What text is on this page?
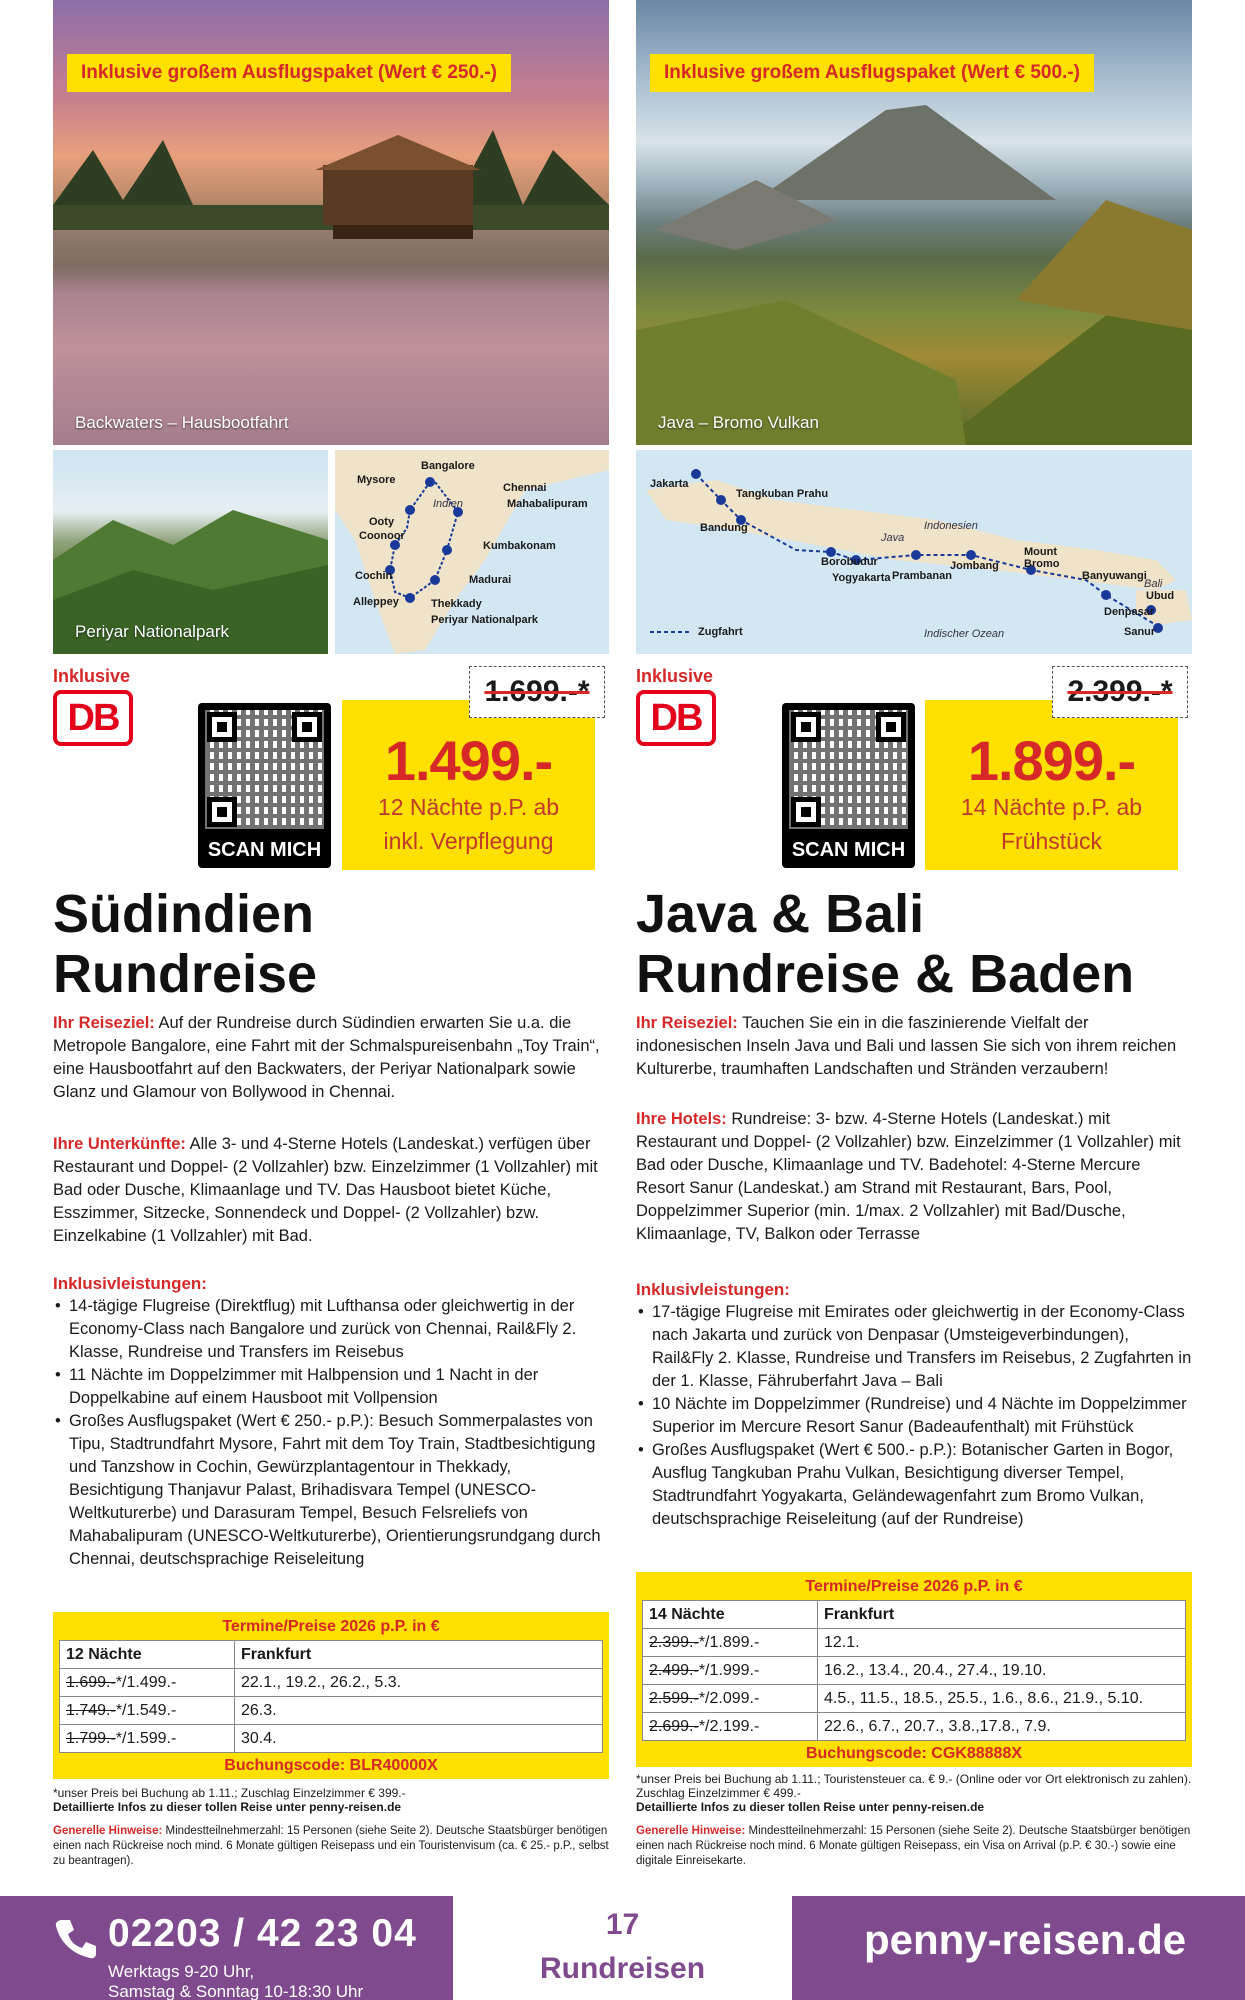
Inklusive großem Ausflugspaket (Wert € 250.-)
Backwaters – Hausbootfahrt
Periyar Nationalpark
Bangalore
Mysore
Chennai
Mahabalipuram
Indien
Ooty
Coonoor
Kumbakonam
Cochin	Madurai
Alleppey	Thekkady
Periyar Nationalpark
Inklusive
DB
SCAN MICH
1.499.-
12 Nächte p.P. ab
inkl. Verpflegung
1.699.-*
Südindien
Rundreise
Ihr Reiseziel: Auf der Rundreise durch Südindien erwarten Sie u.a. die Metropole Bangalore, eine Fahrt mit der Schmalspureisenbahn „Toy Train“, eine Hausbootfahrt auf den Backwaters, der Periyar Nationalpark sowie Glanz und Glamour von Bollywood in Chennai.
Ihre Unterkünfte: Alle 3- und 4-Sterne Hotels (Landeskat.) verfügen über Restaurant und Doppel- (2 Vollzahler) bzw. Einzelzimmer (1 Vollzahler) mit Bad oder Dusche, Klimaanlage und TV. Das Hausboot bietet Küche, Esszimmer, Sitzecke, Sonnendeck und Doppel- (2 Vollzahler) bzw. Einzelkabine (1 Vollzahler) mit Bad.
Inklusivleistungen:
• 14-tägige Flugreise (Direktflug) mit Lufthansa oder gleichwertig in der Economy-Class nach Bangalore und zurück von Chennai, Rail&Fly 2. Klasse, Rundreise und Transfers im Reisebus
• 11 Nächte im Doppelzimmer mit Halbpension und 1 Nacht in der Doppelkabine auf einem Hausboot mit Vollpension
• Großes Ausflugspaket (Wert € 250.- p.P.): Besuch Sommerpalastes von Tipu, Stadtrundfahrt Mysore, Fahrt mit dem Toy Train, Stadtbesichtigung und Tanzshow in Cochin, Gewürzplantagentour in Thekkady, Besichtigung Thanjavur Palast, Brihadisvara Tempel (UNESCO-Weltkuturerbe) und Darasuram Tempel, Besuch Felsreliefs von Mahabalipuram (UNESCO-Weltkuturerbe), Orientierungsrundgang durch Chennai, deutschsprachige Reiseleitung
Termine/Preise 2026 p.P. in €
12 Nächte	Frankfurt
1.699.-*/1.499.-	22.1., 19.2., 26.2., 5.3.
1.749.-*/1.549.-	26.3.
1.799.-*/1.599.-	30.4.
Buchungscode: BLR40000X
*unser Preis bei Buchung ab 1.11.; Zuschlag Einzelzimmer € 399.-
Detaillierte Infos zu dieser tollen Reise unter penny-reisen.de
Generelle Hinweise: Mindestteilnehmerzahl: 15 Personen (siehe Seite 2). Deutsche Staatsbürger benötigen einen nach Rückreise noch mind. 6 Monate gültigen Reisepass und ein Touristenvisum (ca. € 25.- p.P., selbst zu beantragen).
Inklusive großem Ausflugspaket (Wert € 500.-)
Java – Bromo Vulkan
Jakarta
Tangkuban Prahu
Bandung
Java
Indonesien
Borobudur
Yogyakarta Prambanan
Jombang
Mount Bromo
Banyuwangi
Bali
Ubud
Denpasar
Sanur
Zugfahrt	Indischer Ozean
Inklusive
DB
SCAN MICH
1.899.-
14 Nächte p.P. ab
Frühstück
2.399.-*
Java & Bali
Rundreise & Baden
Ihr Reiseziel: Tauchen Sie ein in die faszinierende Vielfalt der indonesischen Inseln Java und Bali und lassen Sie sich von ihrem reichen Kulturerbe, traumhaften Landschaften und Stränden verzaubern!
Ihre Hotels: Rundreise: 3- bzw. 4-Sterne Hotels (Landeskat.) mit Restaurant und Doppel- (2 Vollzahler) bzw. Einzelzimmer (1 Vollzahler) mit Bad oder Dusche, Klimaanlage und TV. Badehotel: 4-Sterne Mercure Resort Sanur (Landeskat.) am Strand mit Restaurant, Bars, Pool, Doppelzimmer Superior (min. 1/max. 2 Vollzahler) mit Bad/Dusche, Klimaanlage, TV, Balkon oder Terrasse
Inklusivleistungen:
• 17-tägige Flugreise mit Emirates oder gleichwertig in der Economy-Class nach Jakarta und zurück von Denpasar (Umsteigeverbindungen), Rail&Fly 2. Klasse, Rundreise und Transfers im Reisebus, 2 Zugfahrten in der 1. Klasse, Fähruberfahrt Java – Bali
• 10 Nächte im Doppelzimmer (Rundreise) und 4 Nächte im Doppelzimmer Superior im Mercure Resort Sanur (Badeaufenthalt) mit Frühstück
• Großes Ausflugspaket (Wert € 500.- p.P.): Botanischer Garten in Bogor, Ausflug Tangkuban Prahu Vulkan, Besichtigung diverser Tempel, Stadtrundfahrt Yogyakarta, Geländewagenfahrt zum Bromo Vulkan, deutschsprachige Reiseleitung (auf der Rundreise)
Termine/Preise 2026 p.P. in €
14 Nächte	Frankfurt
2.399.-*/1.899.-	12.1.
2.499.-*/1.999.-	16.2., 13.4., 20.4., 27.4., 19.10.
2.599.-*/2.099.-	4.5., 11.5., 18.5., 25.5., 1.6., 8.6., 21.9., 5.10.
2.699.-*/2.199.-	22.6., 6.7., 20.7., 3.8.,17.8., 7.9.
Buchungscode: CGK88888X
*unser Preis bei Buchung ab 1.11.; Touristensteuer ca. € 9.- (Online oder vor Ort elektronisch zu zahlen). Zuschlag Einzelzimmer € 499.-
Detaillierte Infos zu dieser tollen Reise unter penny-reisen.de
Generelle Hinweise: Mindestteilnehmerzahl: 15 Personen (siehe Seite 2). Deutsche Staatsbürger benötigen einen nach Rückreise noch mind. 6 Monate gültigen Reisepass, ein Visa on Arrival (p.P. € 30.-) sowie eine digitale Einreisekarte.
02203 / 42 23 04
Werktags 9-20 Uhr,
Samstag & Sonntag 10-18:30 Uhr
17
Rundreisen
penny-reisen.de
